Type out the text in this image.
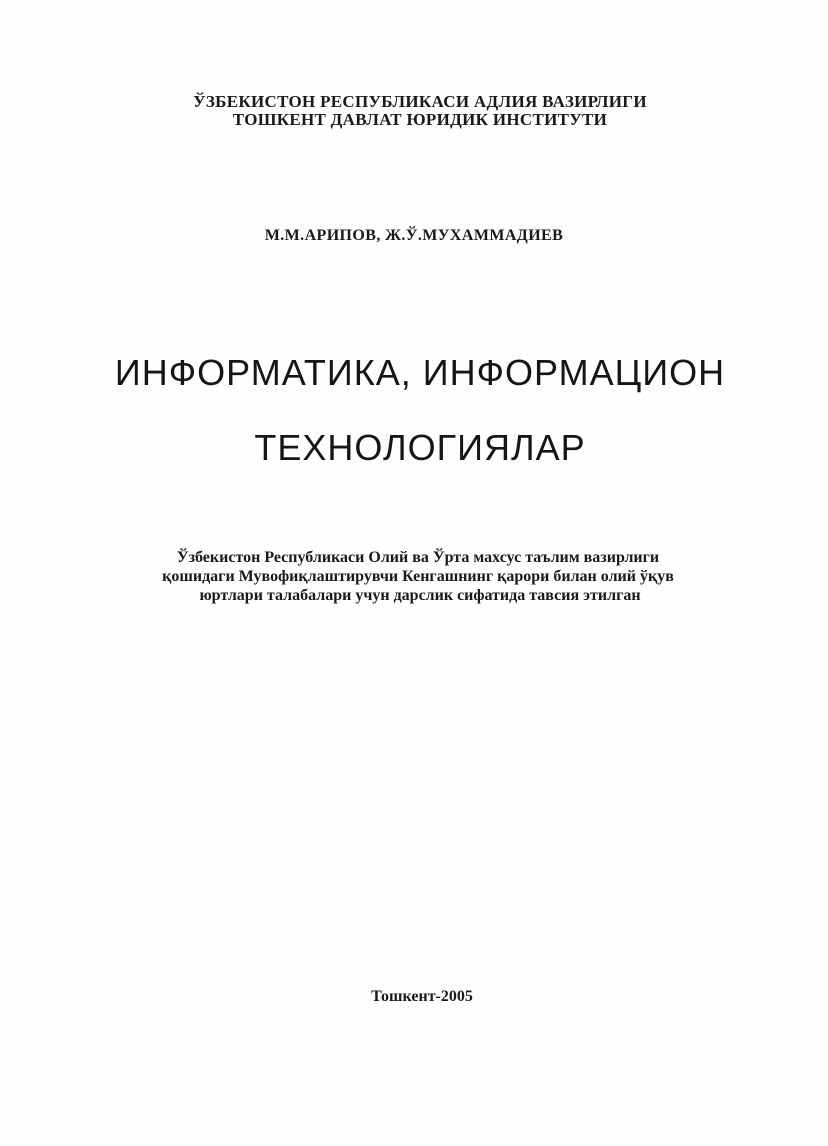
ЎЗБЕКИСТОН РЕСПУБЛИКАСИ АДЛИЯ ВАЗИРЛИГИ
ТОШКЕНТ ДАВЛАТ ЮРИДИК ИНСТИТУТИ
М.М.АРИПОВ, Ж.Ў.МУХАММАДИЕВ
ИНФОРМАТИКА, ИНФОРМАЦИОН
ТЕХНОЛОГИЯЛАР
Ўзбекистон Республикаси Олий ва Ўрта махсус таълим вазирлиги
қошидаги Мувофиқлаштирувчи Кенгашнинг қарори билан олий ўқув
юртлари талабалари учун дарслик сифатида тавсия этилган
Тошкент-2005
